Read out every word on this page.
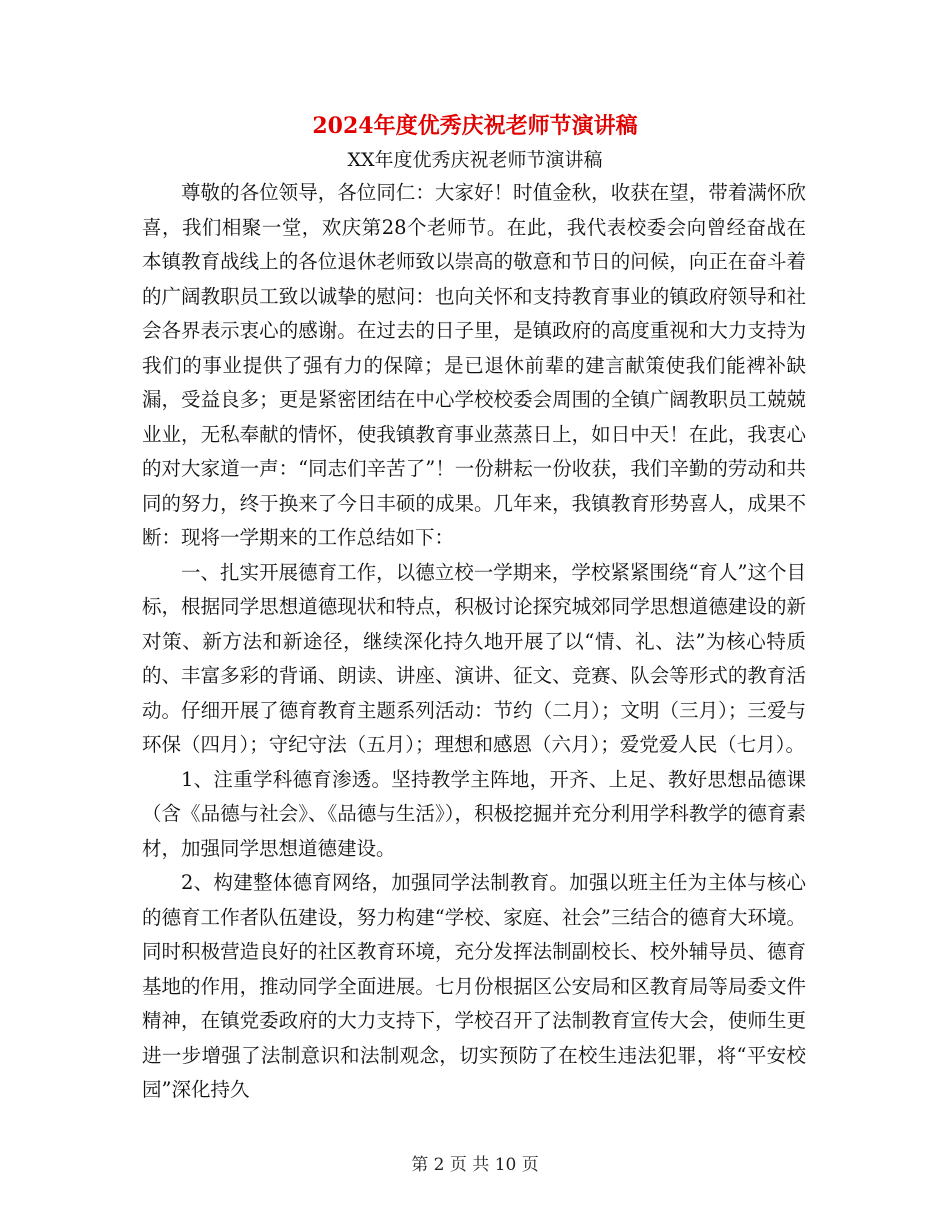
2024年度优秀庆祝老师节演讲稿
XX年度优秀庆祝老师节演讲稿

尊敬的各位领导，各位同仁：大家好！时值金秋，收获在望，带着满怀欣喜，我们相聚一堂，欢庆第28个老师节。在此，我代表校委会向曾经奋战在本镇教育战线上的各位退休老师致以崇高的敬意和节日的问候，向正在奋斗着的广阔教职员工致以诚挚的慰问：也向关怀和支持教育事业的镇政府领导和社会各界表示衷心的感谢。在过去的日子里，是镇政府的高度重视和大力支持为我们的事业提供了强有力的保障；是已退休前辈的建言献策使我们能裨补缺漏，受益良多；更是紧密团结在中心学校校委会周围的全镇广阔教职员工兢兢业业，无私奉献的情怀，使我镇教育事业蒸蒸日上，如日中天！在此，我衷心的对大家道一声：“同志们辛苦了”！一份耕耘一份收获，我们辛勤的劳动和共同的努力，终于换来了今日丰硕的成果。几年来，我镇教育形势喜人，成果不断：现将一学期来的工作总结如下：

一、扎实开展德育工作，以德立校一学期来，学校紧紧围绕“育人”这个目标，根据同学思想道德现状和特点，积极讨论探究城郊同学思想道德建设的新对策、新方法和新途径，继续深化持久地开展了以“情、礼、法”为核心特质的、丰富多彩的背诵、朗读、讲座、演讲、征文、竞赛、队会等形式的教育活动。仔细开展了德育教育主题系列活动：节约（二月）；文明（三月）；三爱与环保（四月）；守纪守法（五月）；理想和感恩（六月）；爱党爱人民（七月）。

1、注重学科德育渗透。坚持教学主阵地，开齐、上足、教好思想品德课（含《品德与社会》、《品德与生活》），积极挖掘并充分利用学科教学的德育素材，加强同学思想道德建设。

2、构建整体德育网络，加强同学法制教育。加强以班主任为主体与核心的德育工作者队伍建设，努力构建“学校、家庭、社会”三结合的德育大环境。同时积极营造良好的社区教育环境，充分发挥法制副校长、校外辅导员、德育基地的作用，推动同学全面进展。七月份根据区公安局和区教育局等局委文件精神，在镇党委政府的大力支持下，学校召开了法制教育宣传大会，使师生更进一步增强了法制意识和法制观念，切实预防了在校生违法犯罪，将“平安校园”深化持久

第 2 页 共 10 页
